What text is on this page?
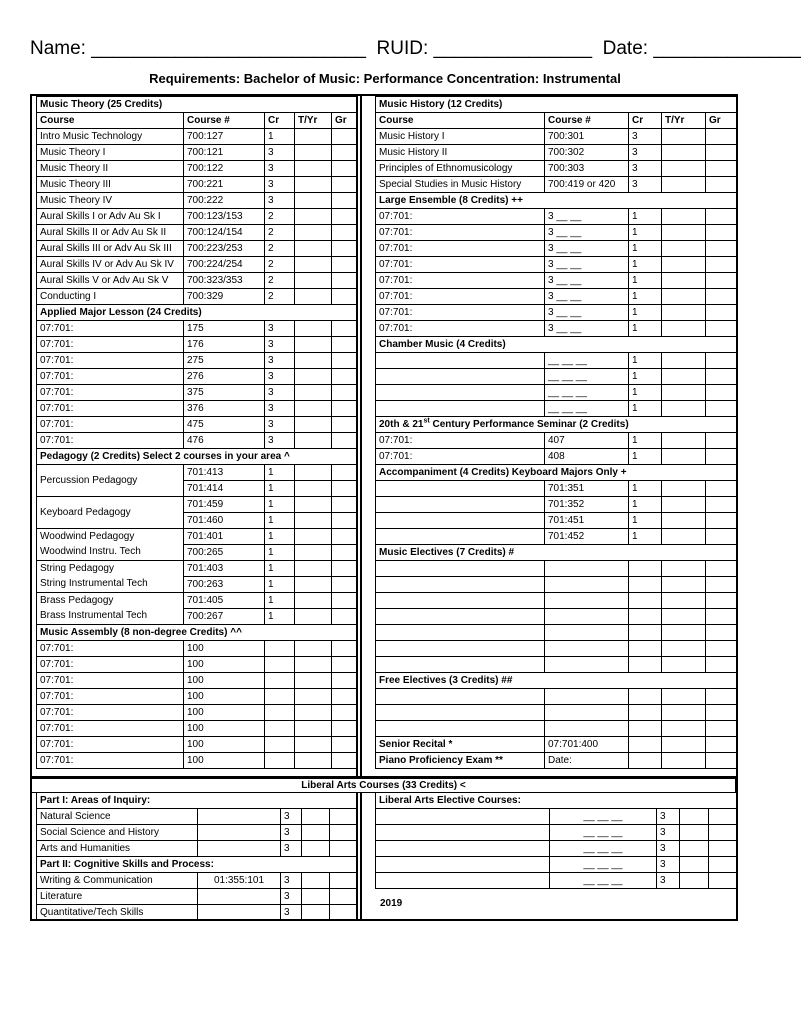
Name: __________________________ RUID: _______________ Date: ______________
Requirements: Bachelor of Music: Performance Concentration: Instrumental
Music Theory (25 Credits)				
Course	Course #	Cr	T/Yr	Gr
Intro Music Technology	700:127	1		
Music Theory I	700:121	3		
Music Theory II	700:122	3		
Music Theory III	700:221	3		
Music Theory IV	700:222	3		
Aural Skills I or Adv Au Sk I	700:123/153	2		
Aural Skills II or Adv Au Sk II	700:124/154	2		
Aural Skills III or Adv Au Sk III	700:223/253	2		
Aural Skills IV or Adv Au Sk IV	700:224/254	2		
Aural Skills V or Adv Au Sk V	700:323/353	2		
Conducting I	700:329	2		
Applied Major Lesson (24 Credits)				
07:701:	175	3		
07:701:	176	3		
07:701:	275	3		
07:701:	276	3		
07:701:	375	3		
07:701:	376	3		
07:701:	475	3		
07:701:	476	3		
Pedagogy (2 Credits) Select 2 courses in your area ^				
Percussion Pedagogy	701:413	1		
	701:414	1		
Keyboard Pedagogy	701:459	1		
	701:460	1		
Woodwind Pedagogy	701:401	1		
Woodwind Instru. Tech	700:265	1		
String Pedagogy	701:403	1		
String Instrumental Tech	700:263	1		
Brass Pedagogy	701:405	1		
Brass Instrumental Tech	700:267	1		
Music Assembly (8 non-degree Credits) ^^				
07:701:	100			
07:701:	100			
07:701:	100			
07:701:	100			
07:701:	100			
07:701:	100			
07:701:	100			
07:701:	100			
Music History (12 Credits)				
Course	Course #	Cr	T/Yr	Gr
Music History I	700:301	3		
Music History II	700:302	3		
Principles of Ethnomusicology	700:303	3		
Special Studies in Music History	700:419 or 420	3		
Large Ensemble (8 Credits) ++				
07:701:	3 __ __	1		
07:701:	3 __ __	1		
07:701:	3 __ __	1		
07:701:	3 __ __	1		
07:701:	3 __ __	1		
07:701:	3 __ __	1		
07:701:	3 __ __	1		
07:701:	3 __ __	1		
Chamber Music (4 Credits)				
	__ __ __	1		
	__ __ __	1		
	__ __ __	1		
	__ __ __	1		
20th & 21st Century Performance Seminar (2 Credits)				
07:701:	407	1		
07:701:	408	1		
Accompaniment (4 Credits) Keyboard Majors Only +				
	701:351	1		
	701:352	1		
	701:451	1		
	701:452	1		
Music Electives (7 Credits) #				

Free Electives (3 Credits) ##				

Senior Recital *	07:701:400			
Piano Proficiency Exam **	Date:			
Liberal Arts Courses (33 Credits) <
Part I: Areas of Inquiry:				
Natural Science		3		
Social Science and History		3		
Arts and Humanities		3		
Part II: Cognitive Skills and Process:				
Writing & Communication	01:355:101	3		
Literature		3		
Quantitative/Tech Skills		3		
Liberal Arts Elective Courses:				
	__ __ __	3		
	__ __ __	3		
	__ __ __	3		
	__ __ __	3		
	__ __ __	3		
2019
